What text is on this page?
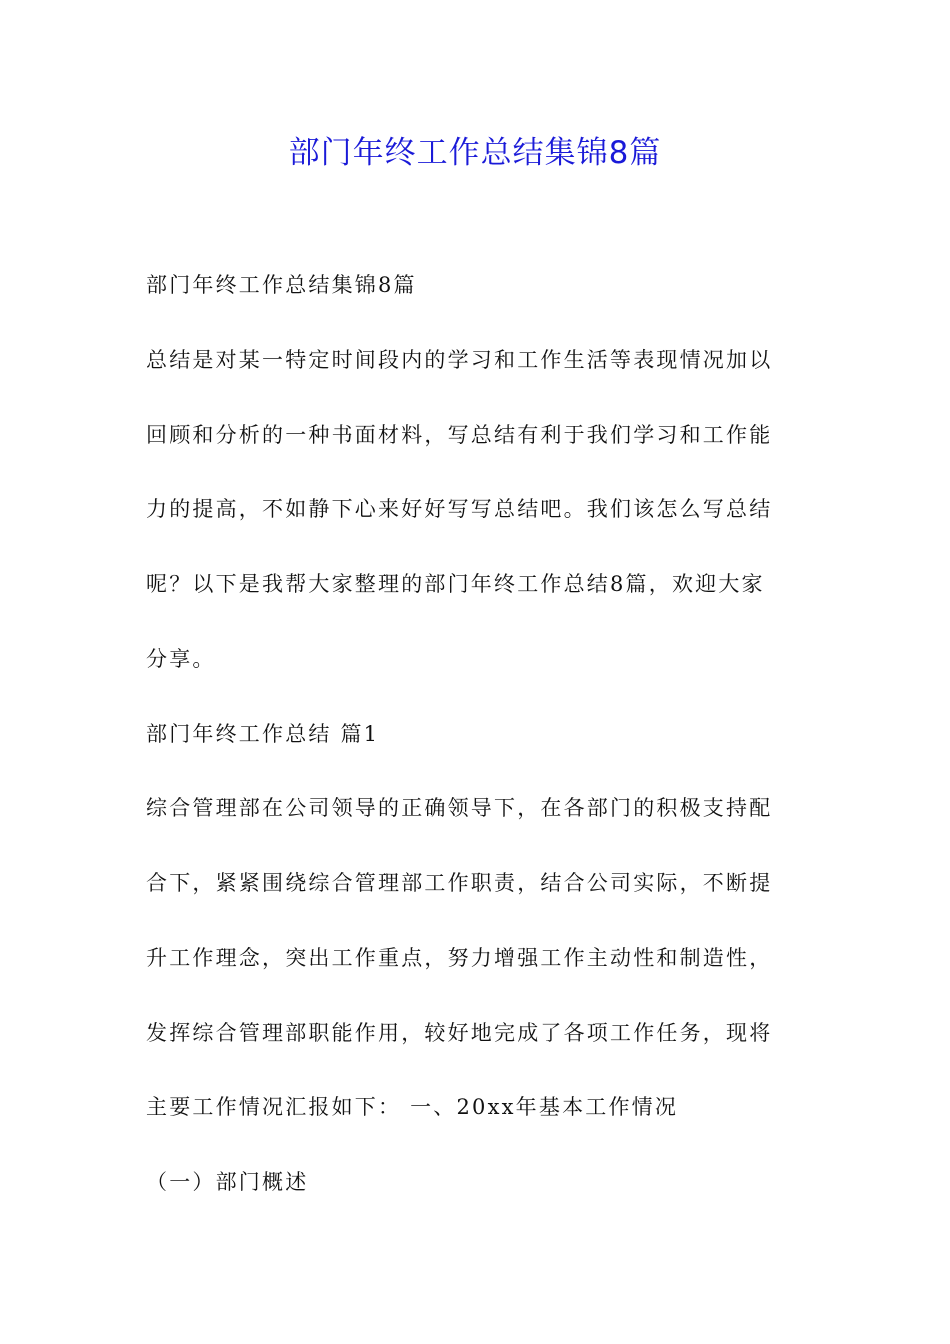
部门年终工作总结集锦8篇

部门年终工作总结集锦8篇

总结是对某一特定时间段内的学习和工作生活等表现情况加以

回顾和分析的一种书面材料，写总结有利于我们学习和工作能

力的提高，不如静下心来好好写写总结吧。我们该怎么写总结

呢？以下是我帮大家整理的部门年终工作总结8篇，欢迎大家

分享。

部门年终工作总结 篇1

综合管理部在公司领导的正确领导下，在各部门的积极支持配

合下，紧紧围绕综合管理部工作职责，结合公司实际，不断提

升工作理念，突出工作重点，努力增强工作主动性和制造性，

发挥综合管理部职能作用，较好地完成了各项工作任务，现将

主要工作情况汇报如下： 一、20xx年基本工作情况

（一）部门概述
